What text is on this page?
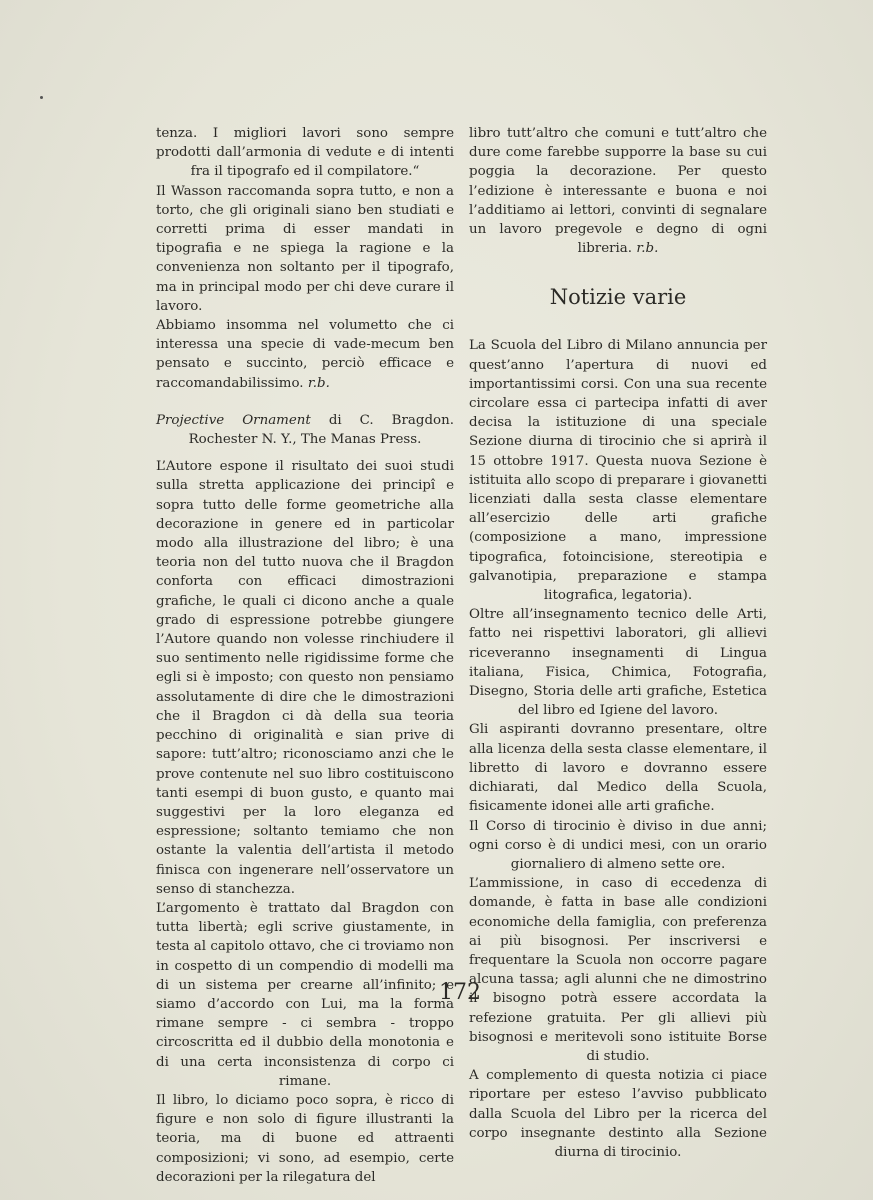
tenza. I migliori lavori sono sempre prodotti dall’armonia di vedute e di intenti fra il tipografo ed il compilatore.“

Il Wasson raccomanda sopra tutto, e non a torto, che gli originali siano ben studiati e corretti prima di esser mandati in tipografia e ne spiega la ragione e la convenienza non soltanto per il tipografo, ma in principal modo per chi deve curare il lavoro.

Abbiamo insomma nel volumetto che ci interessa una specie di vade-mecum ben pensato e succinto, perciò efficace e raccomandabilissimo. r.b.

Projective Ornament di C. Bragdon. Rochester N. Y., The Manas Press.

L’Autore espone il risultato dei suoi studi sulla stretta applicazione dei principî e sopra tutto delle forme geometriche alla decorazione in genere ed in particolar modo alla illustrazione del libro; è una teoria non del tutto nuova che il Bragdon conforta con efficaci dimostrazioni grafiche, le quali ci dicono anche a quale grado di espressione potrebbe giungere l’Autore quando non volesse rinchiudere il suo sentimento nelle rigidissime forme che egli si è imposto; con questo non pensiamo assolutamente di dire che le dimostrazioni che il Bragdon ci dà della sua teoria pecchino di originalità e sian prive di sapore: tutt’altro; riconosciamo anzi che le prove contenute nel suo libro costituiscono tanti esempi di buon gusto, e quanto mai suggestivi per la loro eleganza ed espressione; soltanto temiamo che non ostante la valentia dell’artista il metodo finisca con ingenerare nell’osservatore un senso di stanchezza.

L’argomento è trattato dal Bragdon con tutta libertà; egli scrive giustamente, in testa al capitolo ottavo, che ci troviamo non in cospetto di un compendio di modelli ma di un sistema per crearne all’infinito; e siamo d’accordo con Lui, ma la forma rimane sempre - ci sembra - troppo circoscritta ed il dubbio della monotonia e di una certa inconsistenza di corpo ci rimane.

Il libro, lo diciamo poco sopra, è ricco di figure e non solo di figure illustranti la teoria, ma di buone ed attraenti composizioni; vi sono, ad esempio, certe decorazioni per la rilegatura del

libro tutt’altro che comuni e tutt’altro che dure come farebbe supporre la base su cui poggia la decorazione. Per questo l’edizione è interessante e buona e noi l’additiamo ai lettori, convinti di segnalare un lavoro pregevole e degno di ogni libreria. r.b.

Notizie varie

La Scuola del Libro di Milano annuncia per quest’anno l’apertura di nuovi ed importantissimi corsi. Con una sua recente circolare essa ci partecipa infatti di aver decisa la istituzione di una speciale Sezione diurna di tirocinio che si aprirà il 15 ottobre 1917. Questa nuova Sezione è istituita allo scopo di preparare i giovanetti licenziati dalla sesta classe elementare all’esercizio delle arti grafiche (composizione a mano, impressione tipografica, fotoincisione, stereotipia e galvanotipia, preparazione e stampa litografica, legatoria).

Oltre all’insegnamento tecnico delle Arti, fatto nei rispettivi laboratori, gli allievi riceveranno insegnamenti di Lingua italiana, Fisica, Chimica, Fotografia, Disegno, Storia delle arti grafiche, Estetica del libro ed Igiene del lavoro.

Gli aspiranti dovranno presentare, oltre alla licenza della sesta classe elementare, il libretto di lavoro e dovranno essere dichiarati, dal Medico della Scuola, fisicamente idonei alle arti grafiche.

Il Corso di tirocinio è diviso in due anni; ogni corso è di undici mesi, con un orario giornaliero di almeno sette ore.

L’ammissione, in caso di eccedenza di domande, è fatta in base alle condizioni economiche della famiglia, con preferenza ai più bisognosi. Per inscriversi e frequentare la Scuola non occorre pagare alcuna tassa; agli alunni che ne dimostrino il bisogno potrà essere accordata la refezione gratuita. Per gli allievi più bisognosi e meritevoli sono istituite Borse di studio.

A complemento di questa notizia ci piace riportare per esteso l’avviso pubblicato dalla Scuola del Libro per la ricerca del corpo insegnante destinto alla Sezione diurna di tirocinio.

172
